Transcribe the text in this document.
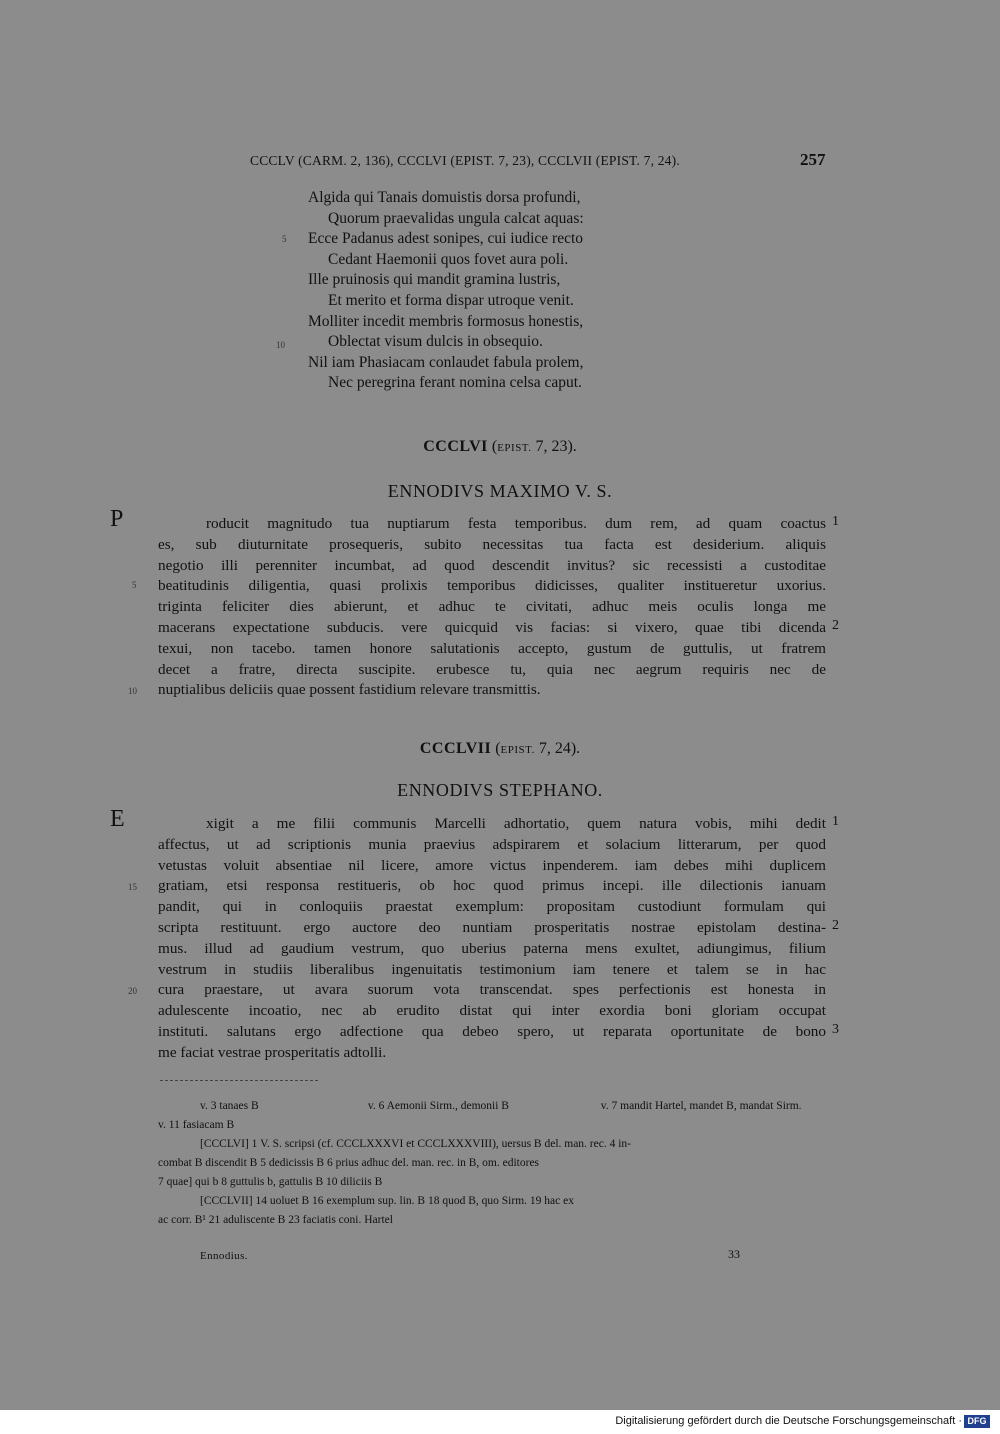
CCCLV (CARM. 2, 136), CCCLVI (EPIST. 7, 23), CCCLVII (EPIST. 7, 24).	257
Algida qui Tanais domuistis dorsa profundi,
Quorum praevalidas ungula calcat aquas:
Ecce Padanus adest sonipes, cui iudice recto
Cedant Haemonii quos fovet aura poli.
Ille pruinosis qui mandit gramina lustris,
Et merito et forma dispar utroque venit.
Molliter incedit membris formosus honestis,
Oblectat visum dulcis in obsequio.
Nil iam Phasiacam conlaudet fabula prolem,
Nec peregrina ferant nomina celsa caput.
5
10
CCCLVI (EPIST. 7, 23).
ENNODIVS MAXIMO V. S.
P	roducit magnitudo tua nuptiarum festa temporibus. dum rem, ad quam coactus
es, sub diuturnitate prosequeris, subito necessitas tua facta est desiderium. aliquis
negotio illi perenniter incumbat, ad quod descendit invitus? sic recessisti a custoditae
beatitudinis diligentia, quasi prolixis temporibus didicisses, qualiter institueretur uxorius.
triginta feliciter dies abierunt, et adhuc te civitati, adhuc meis oculis longa me
macerans expectatione subducis. vere quicquid vis facias: si vixero, quae tibi dicenda
texui, non tacebo. tamen honore salutationis accepto, gustum de guttulis, ut fratrem
decet a fratre, directa suscipite. erubesce tu, quia nec aegrum requiris nec de
nuptialibus deliciis quae possent fastidium relevare transmittis.
1
2
5
10
CCCLVII (EPIST. 7, 24).
ENNODIVS STEPHANO.
E	xigit a me filii communis Marcelli adhortatio, quem natura vobis, mihi dedit
affectus, ut ad scriptionis munia praevius adspirarem et solacium litterarum, per quod
vetustas voluit absentiae nil licere, amore victus inpenderem. iam debes mihi duplicem
gratiam, etsi responsa restitueris, ob hoc quod primus incepi. ille dilectionis ianuam
pandit, qui in conloquiis praestat exemplum: propositam custodiunt formulam qui
scripta restituunt. ergo auctore deo nuntiam prosperitatis nostrae epistolam destina-
mus. illud ad gaudium vestrum, quo uberius paterna mens exultet, adiungimus, filium
vestrum in studiis liberalibus ingenuitatis testimonium iam tenere et talem se in hac
cura praestare, ut avara suorum vota transcendat. spes perfectionis est honesta in
adulescente incoatio, nec ab erudito distat qui inter exordia boni gloriam occupat
instituti. salutans ergo adfectione qua debeo spero, ut reparata oportunitate de bono
me faciat vestrae prosperitatis adtolli.
1
2
3
15
20
v. 3 tanaes B	v. 6 Aemonii Sirm., demonii B	v. 7 mandit Hartel, mandet B, mandat Sirm.
v. 11 fasiacam B
[CCCLVI] 1 V. S. scripsi (cf. CCCLXXXVI et CCCLXXXVIII), uersus B del. man. rec. 4 in-
combat B discendit B 5 dedicissis B 6 prius adhuc del. man. rec. in B, om. editores
7 quae] qui b 8 guttulis b, gattulis B 10 diliciis B
[CCCLVII] 14 uoluet B 16 exemplum sup. lin. B 18 quod B, quo Sirm. 19 hac ex
ac corr. B¹ 21 aduliscente B 23 faciatis coni. Hartel
Ennodius.	33
Digitalisierung gefördert durch die Deutsche Forschungsgemeinschaft · DFG
